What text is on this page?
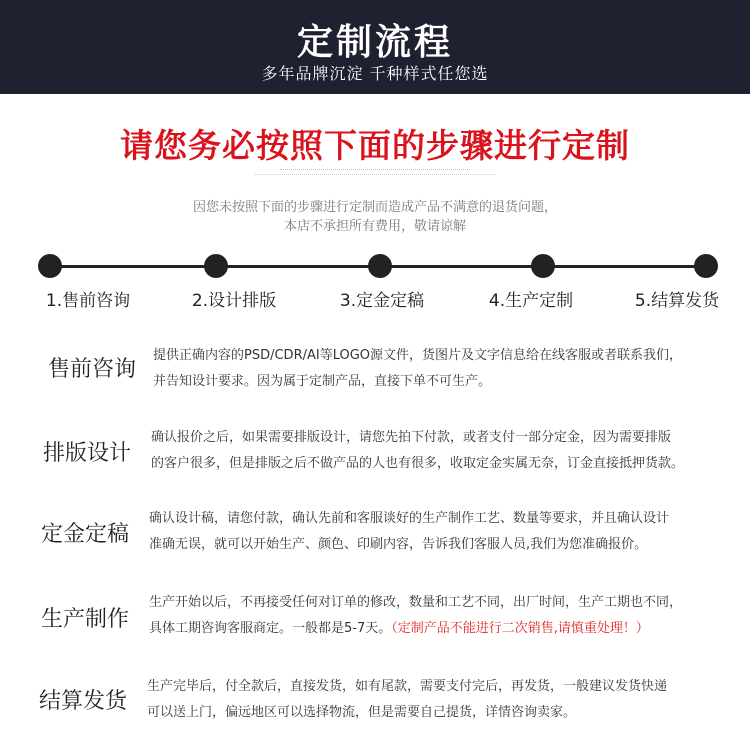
定制流程
多年品牌沉淀 千种样式任您选
请您务必按照下面的步骤进行定制
因您未按照下面的步骤进行定制而造成产品不满意的退货问题，
本店不承担所有费用，敬请谅解
1.售前咨询	2.设计排版	3.定金定稿	4.生产定制	5.结算发货
售前咨询
提供正确内容的PSD/CDR/AI等LOGO源文件，货图片及文字信息给在线客服或者联系我们，
并告知设计要求。因为属于定制产品，直接下单不可生产。
排版设计
确认报价之后，如果需要排版设计，请您先拍下付款，或者支付一部分定金，因为需要排版
的客户很多，但是排版之后不做产品的人也有很多，收取定金实属无奈，订金直接抵押货款。
定金定稿
确认设计稿，请您付款，确认先前和客服谈好的生产制作工艺、数量等要求，并且确认设计
准确无误，就可以开始生产、颜色、印刷内容，告诉我们客服人员,我们为您准确报价。
生产制作
生产开始以后，不再接受任何对订单的修改，数量和工艺不同，出厂时间，生产工期也不同，
具体工期咨询客服商定。一般都是5-7天。（定制产品不能进行二次销售,请慎重处理！）
结算发货
生产完毕后，付全款后，直接发货，如有尾款，需要支付完后，再发货，一般建议发货快递
可以送上门，偏远地区可以选择物流，但是需要自己提货，详情咨询卖家。
